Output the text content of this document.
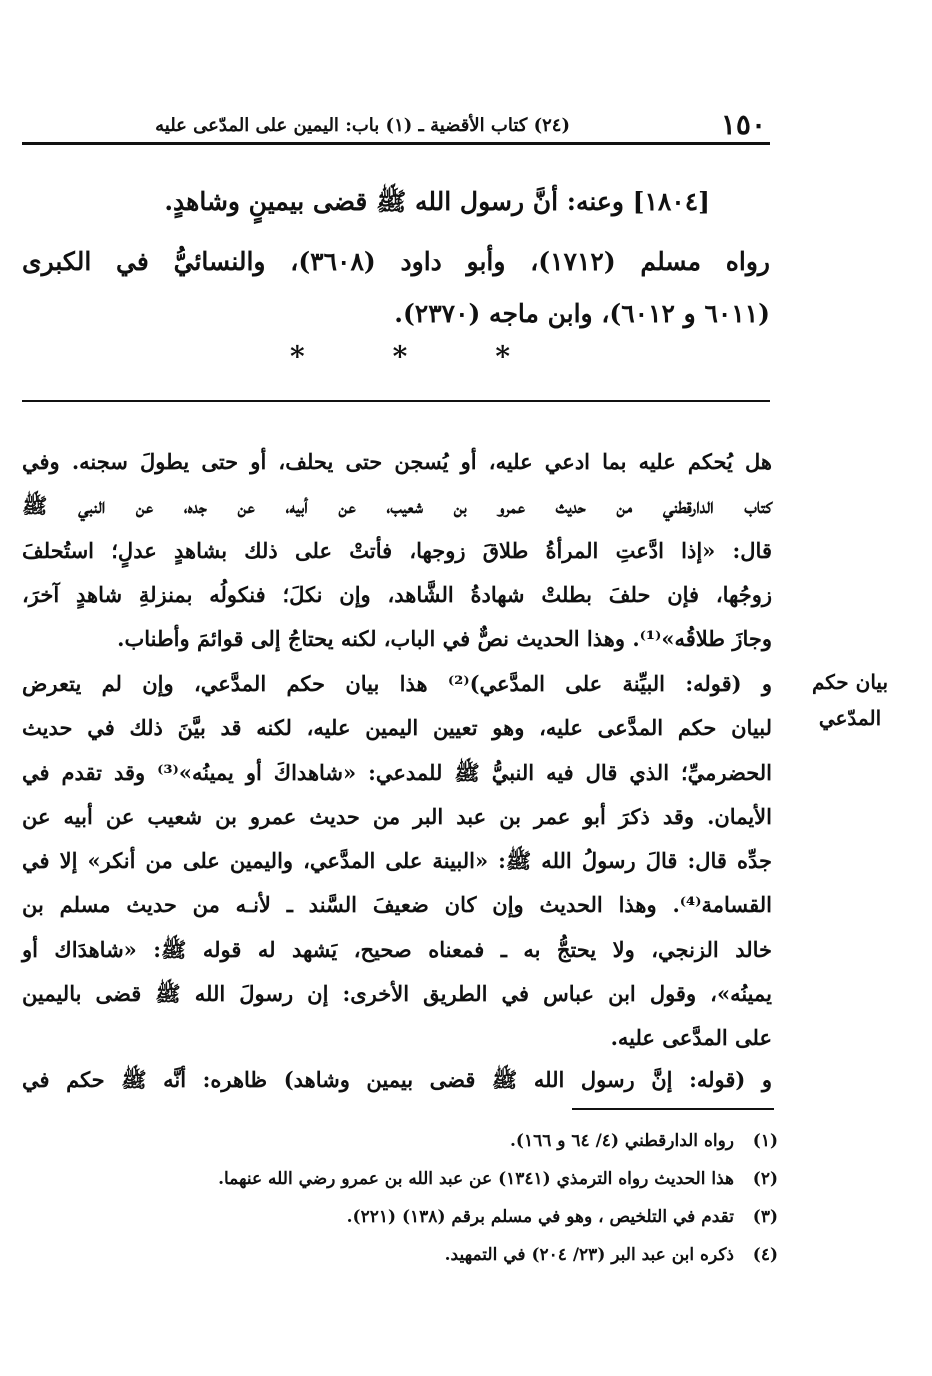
١٥٠
(٢٤) كتاب الأقضية ـ (١) باب: اليمين على المدّعى عليه
[١٨٠٤] وعنه: أنَّ رسول الله ﷺ قضى بيمينٍ وشاهدٍ.
رواه مسلم (١٧١٢)، وأبو داود (٣٦٠٨)، والنسائيُّ في الكبرى
(٦٠١١ و ٦٠١٢)، وابن ماجه (٢٣٧٠).
*
*
*
هل يُحكم عليه بما ادعي عليه، أو يُسجن حتى يحلف، أو حتى يطولَ سجنه. وفي
كتاب الدارقطني من حديث عمرو بن شعيب، عن أبيه، عن جده، عن النبي ﷺ
قال: «إذا ادَّعتِ المرأةُ طلاقَ زوجها، فأتتْ على ذلك بشاهدٍ عدلٍ؛ استُحلفَ
زوجُها، فإن حلفَ بطلتْ شهادةُ الشَّاهد، وإن نكلَ؛ فنكولُه بمنزلةِ شاهدٍ آخرَ،
وجازَ طلاقُه»⁽¹⁾. وهذا الحديث نصٌّ في الباب، لكنه يحتاجُ إلى قوائمَ وأطناب.
و (قوله: البيِّنة على المدَّعي)⁽²⁾ هذا بيان حكم المدَّعي، وإن لم يتعرض
لبيان حكم المدَّعى عليه، وهو تعيين اليمين عليه، لكنه قد بيَّنَ ذلك في حديث
الحضرميِّ؛ الذي قال فيه النبيُّ ﷺ للمدعي: «شاهداكَ أو يمينُه»⁽³⁾ وقد تقدم في
الأيمان. وقد ذكرَ أبو عمر بن عبد البر من حديث عمرو بن شعيب عن أبيه عن
جدِّه قال: قالَ رسولُ الله ﷺ: «البينة على المدَّعي، واليمين على من أنكر» إلا في
القسامة⁽⁴⁾. وهذا الحديث وإن كان ضعيفَ السَّند ـ لأنـه من حديث مسلم بن
خالد الزنجي، ولا يحتجُّ به ـ فمعناه صحيح، يَشهد له قوله ﷺ: «شاهدَاك أو
يمينُه»، وقول ابن عباس في الطريق الأخرى: إن رسولَ الله ﷺ قضى باليمين
على المدَّعى عليه.
و (قوله: إنَّ رسول الله ﷺ قضى بيمين وشاهد) ظاهره: أنَّه ﷺ حكم في
بيان حكم
المدّعي
(١)رواه الدارقطني (٤/ ٦٤ و ١٦٦).
(٢)هذا الحديث رواه الترمذي (١٣٤١) عن عبد الله بن عمرو رضي الله عنهما.
(٣)تقدم في التلخيص ، وهو في مسلم برقم (١٣٨) (٢٢١).
(٤)ذكره ابن عبد البر (٢٣/ ٢٠٤) في التمهيد.
